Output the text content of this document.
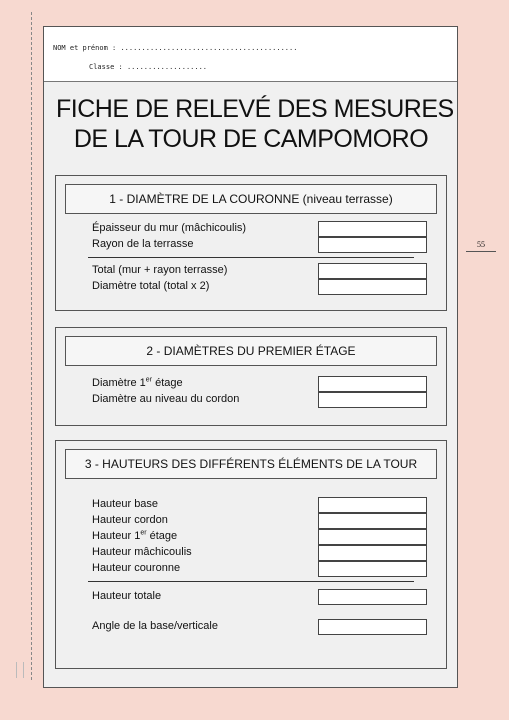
NOM et prénom : ..........................................
Classe : ...................
FICHE DE RELEVÉ DES MESURES
DE LA TOUR DE CAMPOMORO
1 - DIAMÈTRE DE LA COURONNE (niveau terrasse)
Épaisseur du mur (mâchicoulis)
Rayon de la terrasse
Total (mur + rayon terrasse)
Diamètre total (total x 2)
2 - DIAMÈTRES DU PREMIER ÉTAGE
Diamètre 1er étage
Diamètre au niveau du cordon
3 - HAUTEURS DES DIFFÉRENTS ÉLÉMENTS DE LA TOUR
Hauteur base
Hauteur cordon
Hauteur 1er étage
Hauteur mâchicoulis
Hauteur couronne
Hauteur totale
Angle de la base/verticale
55
